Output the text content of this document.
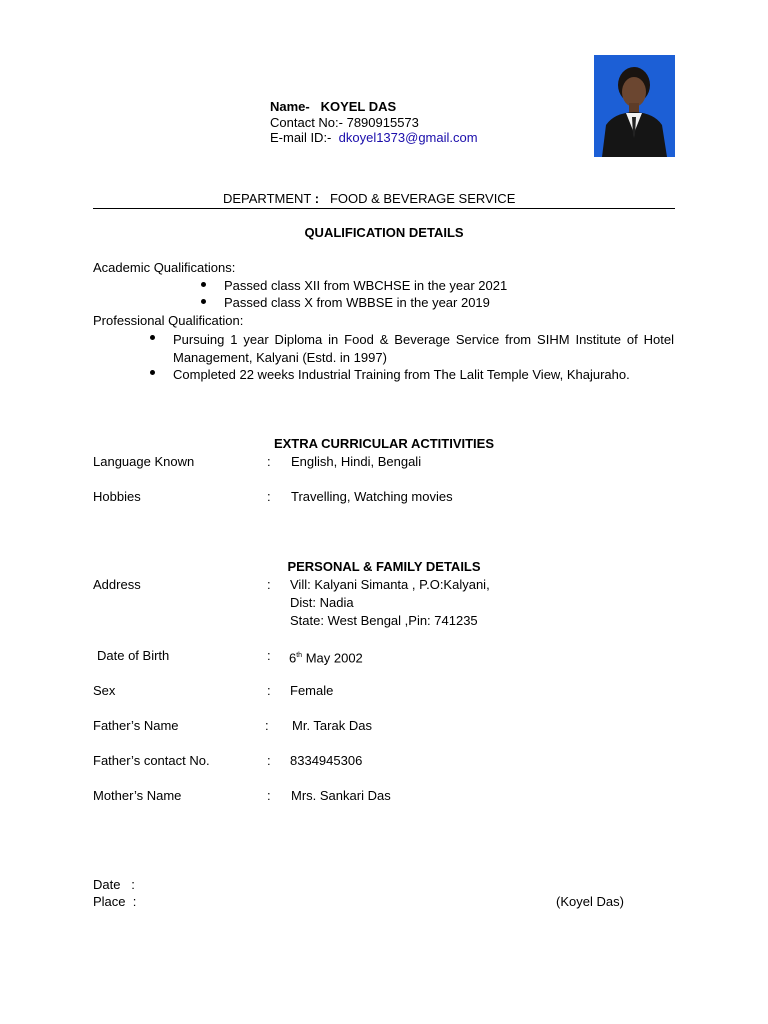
Name- KOYEL DAS
Contact No:- 7890915573
E-mail ID:- dkoyel1373@gmail.com
DEPARTMENT : FOOD & BEVERAGE SERVICE
QUALIFICATION DETAILS
Academic Qualifications:
Passed class XII from WBCHSE in the year 2021
Passed class X from WBBSE in the year 2019
Professional Qualification:
Pursuing 1 year Diploma in Food & Beverage Service from SIHM Institute of Hotel Management, Kalyani (Estd. in 1997)
Completed 22 weeks Industrial Training from The Lalit Temple View, Khajuraho.
EXTRA CURRICULAR ACTITIVITIES
Language Known	: English, Hindi, Bengali
Hobbies	: Travelling, Watching movies
PERSONAL & FAMILY DETAILS
Address	: Vill: Kalyani Simanta , P.O:Kalyani,
Dist: Nadia
State: West Bengal ,Pin: 741235
Date of Birth	: 6th May 2002
Sex	: Female
Father’s Name	: Mr. Tarak Das
Father’s contact No.	: 8334945306
Mother’s Name	: Mrs. Sankari Das
Date   :
Place  :	(Koyel Das)
